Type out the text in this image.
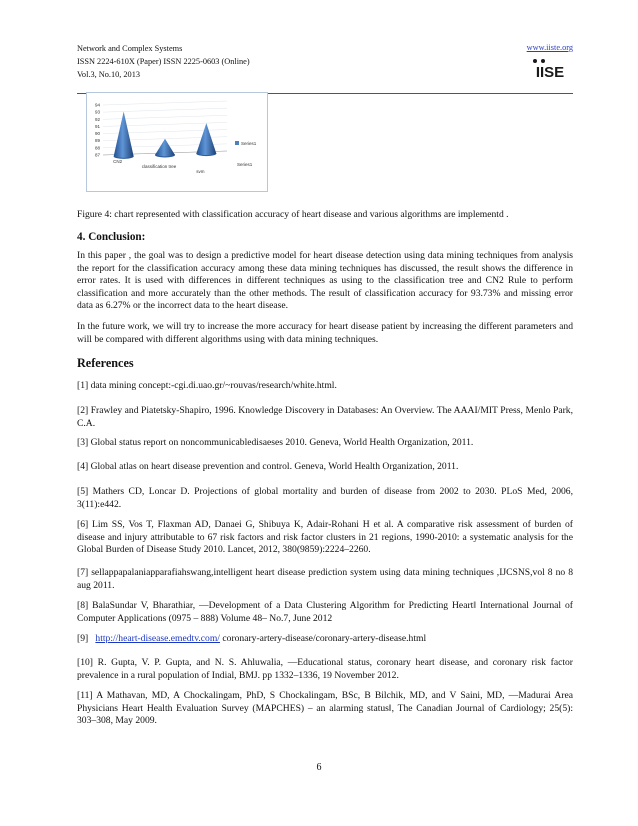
Network and Complex Systems
ISSN 2224-610X (Paper) ISSN 2225-0603 (Online)
Vol.3, No.10, 2013
www.iiste.org
IISE
94
93
92
91
90
89
88
87
CN2
classification tree
svm
Series1
Series1
Figure 4: chart represented with classification accuracy of heart disease and various algorithms are implementd .
4. Conclusion:
In this paper , the goal was to design a predictive model for heart disease detection using data mining techniques from analysis the report for the classification accuracy among these data mining techniques has discussed, the result shows the difference in error rates. It is used with differences in different techniques as using to the classification tree and CN2 Rule to perform classification and more accurately than the other methods. The result of classification accuracy for 93.73% and missing error data as 6.27% or the incorrect data to the heart disease.
In the future work, we will try to increase the more accuracy for heart disease patient by increasing the different parameters and will be compared with different algorithms using with data mining techniques.
References
[1] data mining concept:-cgi.di.uao.gr/~rouvas/research/white.html.
[2] Frawley and Piatetsky-Shapiro, 1996. Knowledge Discovery in Databases: An Overview. The AAAI/MIT Press, Menlo Park, C.A.
[3] Global status report on noncommunicabledisaeses 2010. Geneva, World Health Organization, 2011.
[4] Global atlas on heart disease prevention and control. Geneva, World Health Organization, 2011.
[5] Mathers CD, Loncar D. Projections of global mortality and burden of disease from 2002 to 2030. PLoS Med, 2006, 3(11):e442.
[6] Lim SS, Vos T, Flaxman AD, Danaei G, Shibuya K, Adair-Rohani H et al. A comparative risk assessment of burden of disease and injury attributable to 67 risk factors and risk factor clusters in 21 regions, 1990-2010: a systematic analysis for the Global Burden of Disease Study 2010. Lancet, 2012, 380(9859):2224–2260.
[7] sellappapalaniapparafiahswang,intelligent heart disease prediction system using data mining techniques ,IJCSNS,vol 8 no 8 aug 2011.
[8] BalaSundar V, Bharathiar, ―Development of a Data Clustering Algorithm for Predicting Heart‖ International Journal of Computer Applications (0975 – 888) Volume 48– No.7, June 2012
[9]   http://heart-disease.emedtv.com/ coronary-artery-disease/coronary-artery-disease.html
[10] R. Gupta, V. P. Gupta, and N. S. Ahluwalia, ―Educational status, coronary heart disease, and coronary risk factor prevalence in a rural population of Indial, BMJ. pp 1332–1336, 19 November 2012.
[11] A Mathavan, MD, A Chockalingam, PhD, S Chockalingam, BSc, B Bilchik, MD, and V Saini, MD, ―Madurai Area Physicians Heart Health Evaluation Survey (MAPCHES) – an alarming status‖, The Canadian Journal of Cardiology; 25(5): 303–308, May 2009.
6
